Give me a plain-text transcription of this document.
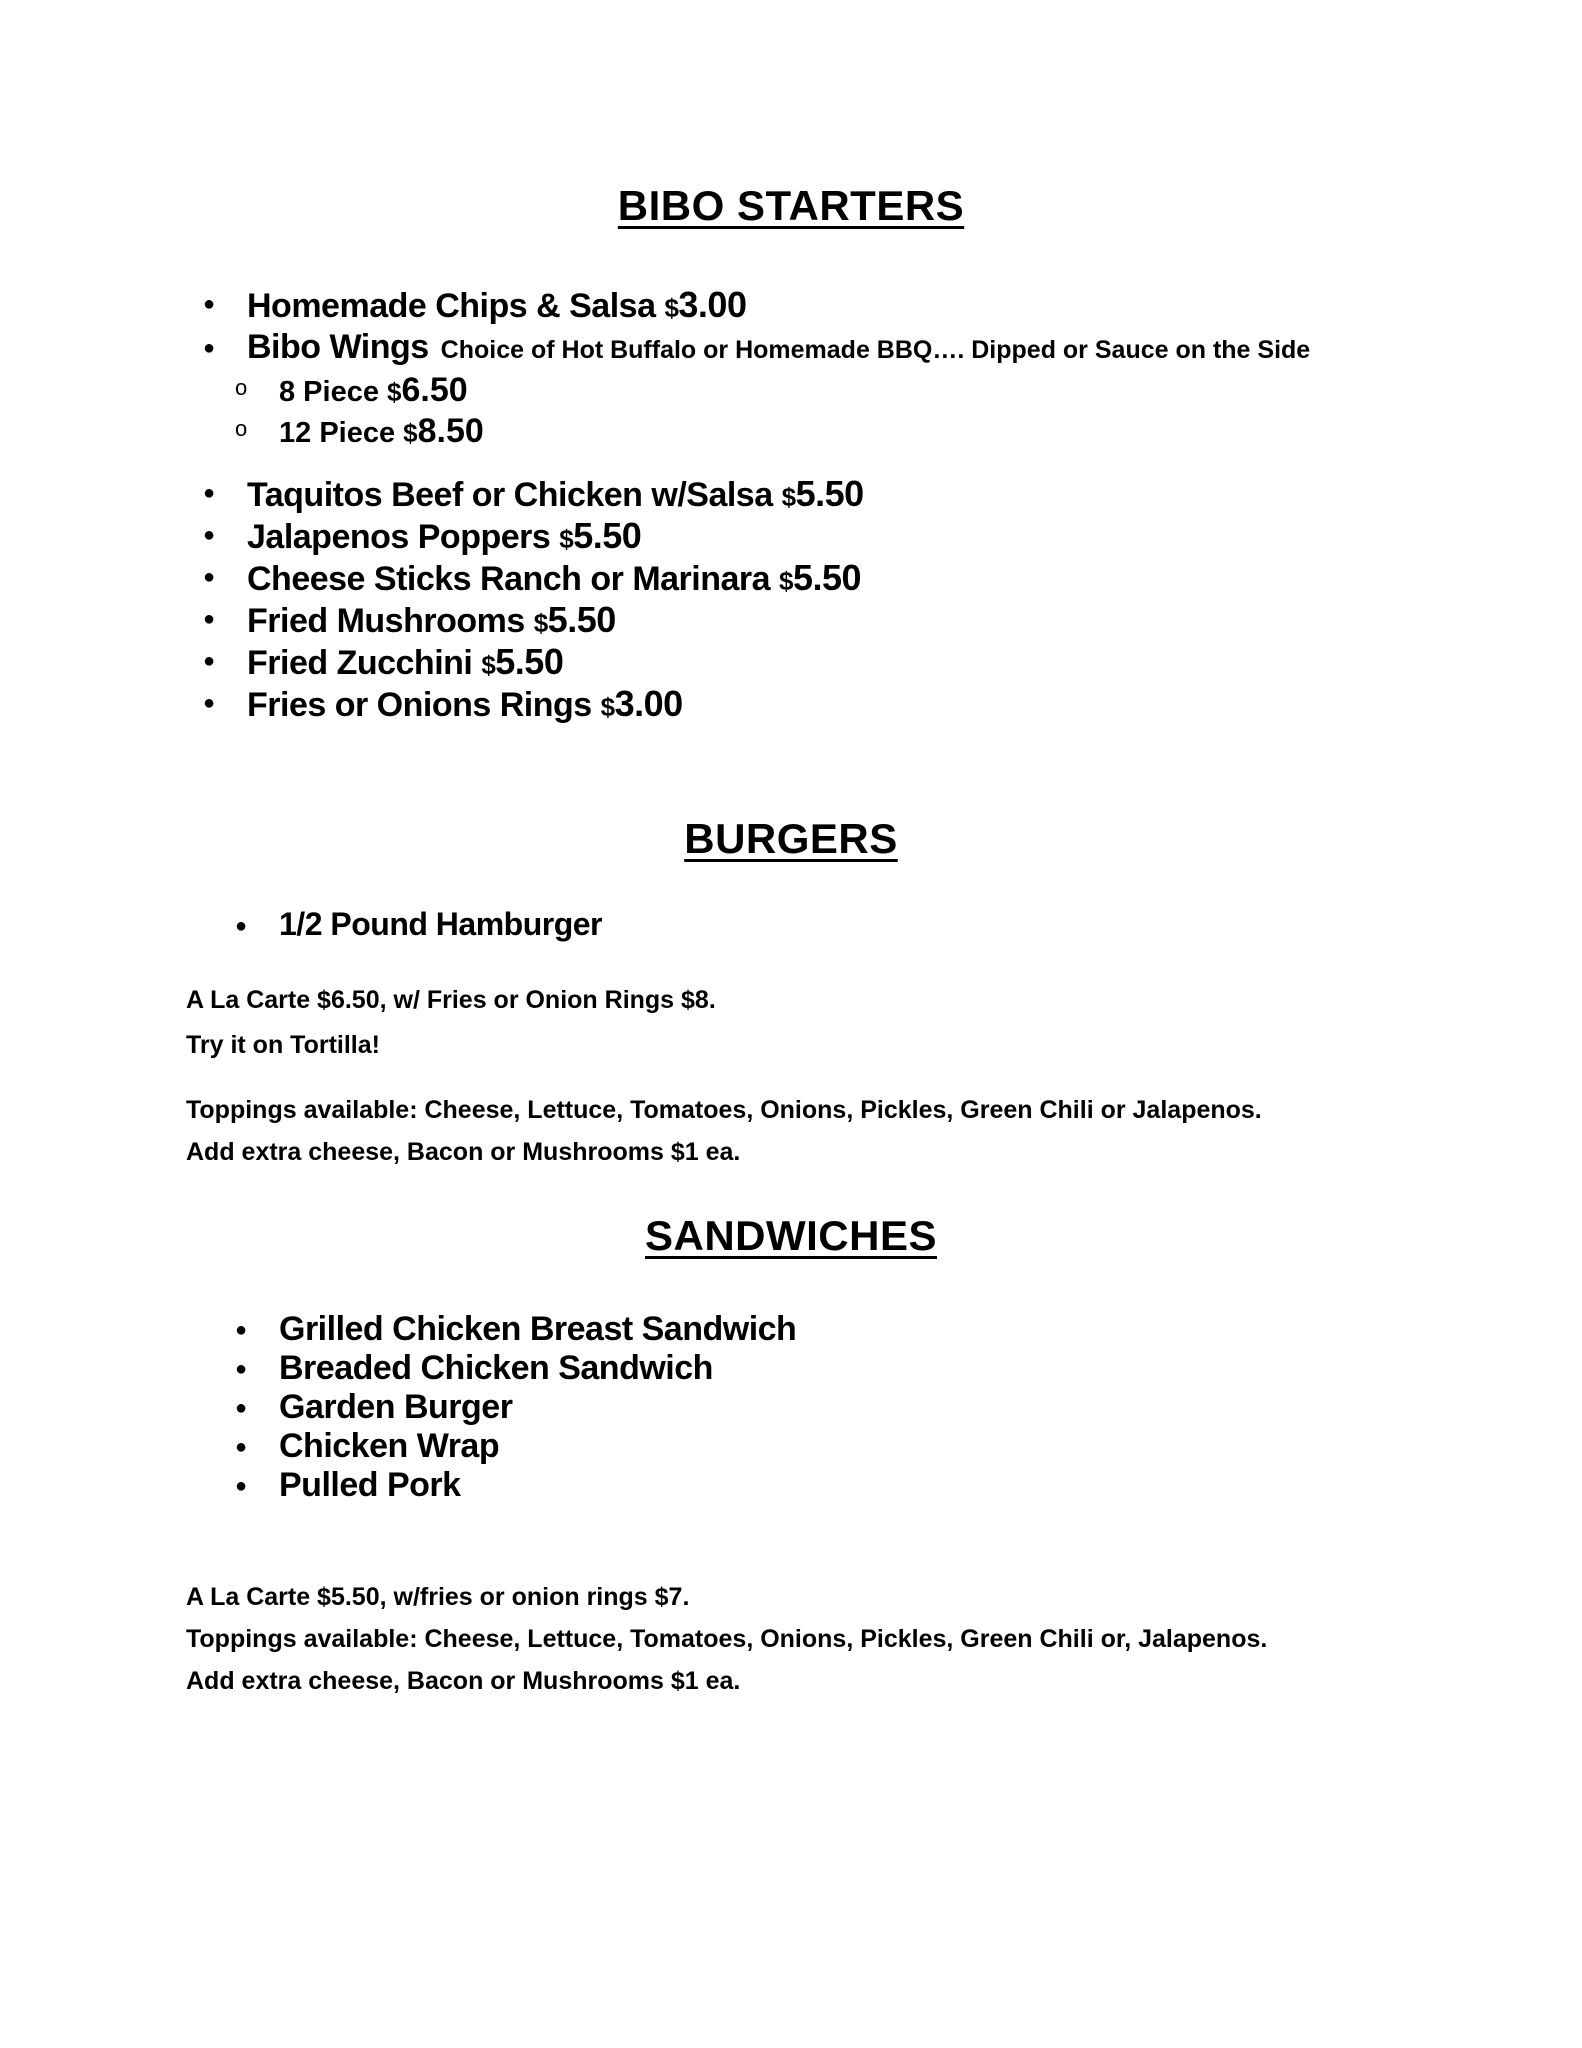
BIBO STARTERS
● Homemade Chips & Salsa $3.00
● Bibo Wings Choice of Hot Buffalo or Homemade BBQ…. Dipped or Sauce on the Side
o 8 Piece $6.50
o 12 Piece $8.50
● Taquitos Beef or Chicken w/Salsa $5.50
● Jalapenos Poppers $5.50
● Cheese Sticks Ranch or Marinara $5.50
● Fried Mushrooms $5.50
● Fried Zucchini $5.50
● Fries or Onions Rings $3.00
BURGERS
● 1/2 Pound Hamburger
A La Carte $6.50, w/ Fries or Onion Rings $8.
Try it on Tortilla!
Toppings available: Cheese, Lettuce, Tomatoes, Onions, Pickles, Green Chili or Jalapenos.
Add extra cheese, Bacon or Mushrooms $1 ea.
SANDWICHES
● Grilled Chicken Breast Sandwich
● Breaded Chicken Sandwich
● Garden Burger
● Chicken Wrap
● Pulled Pork
A La Carte $5.50, w/fries or onion rings $7.
Toppings available: Cheese, Lettuce, Tomatoes, Onions, Pickles, Green Chili or, Jalapenos.
Add extra cheese, Bacon or Mushrooms $1 ea.
